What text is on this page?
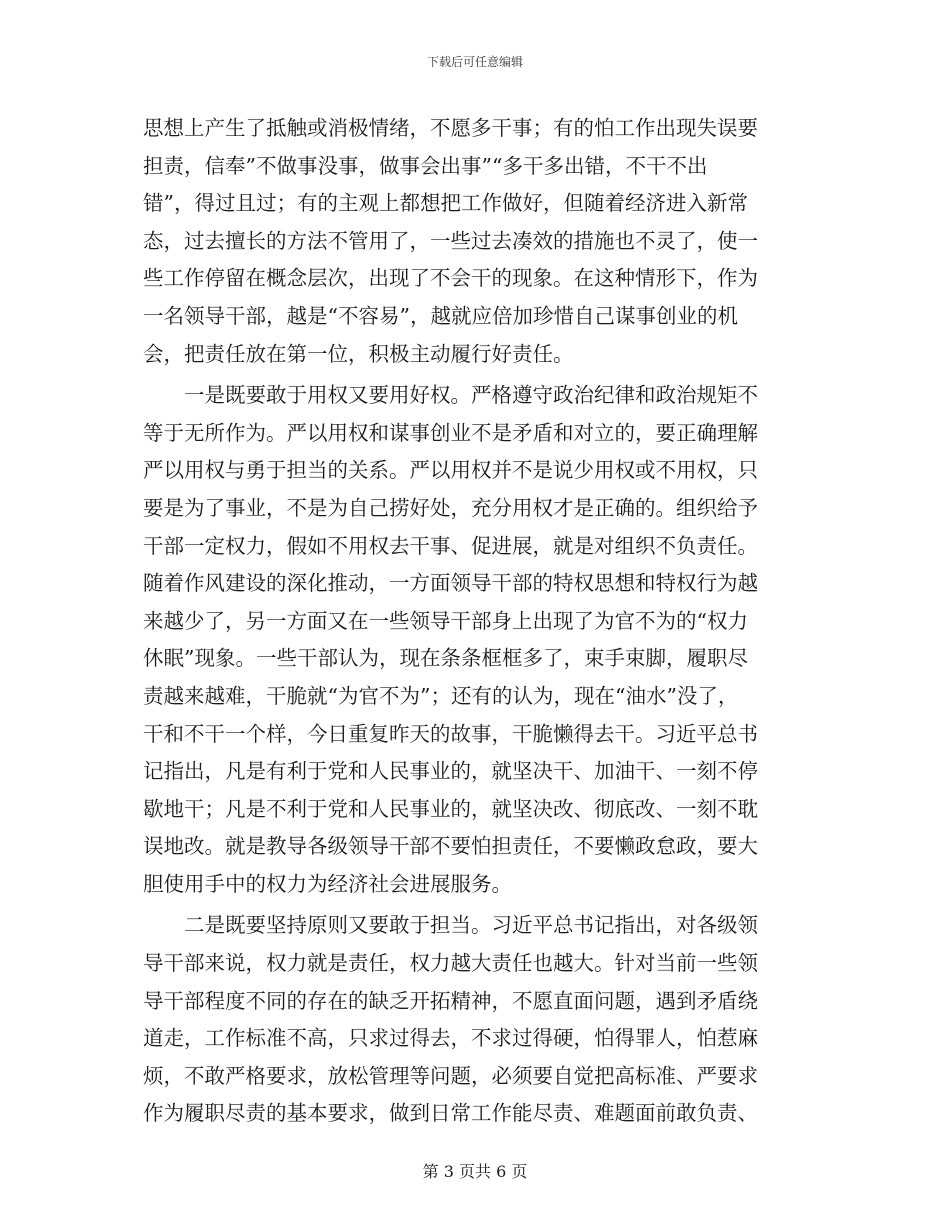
下载后可任意编辑
思想上产生了抵触或消极情绪，不愿多干事；有的怕工作出现失误要
担责，信奉”不做事没事，做事会出事”“多干多出错，不干不出
错”，得过且过；有的主观上都想把工作做好，但随着经济进入新常
态，过去擅长的方法不管用了，一些过去凑效的措施也不灵了，使一
些工作停留在概念层次，出现了不会干的现象。在这种情形下，作为
一名领导干部，越是“不容易”，越就应倍加珍惜自己谋事创业的机
会，把责任放在第一位，积极主动履行好责任。
　　一是既要敢于用权又要用好权。严格遵守政治纪律和政治规矩不
等于无所作为。严以用权和谋事创业不是矛盾和对立的，要正确理解
严以用权与勇于担当的关系。严以用权并不是说少用权或不用权，只
要是为了事业，不是为自己捞好处，充分用权才是正确的。组织给予
干部一定权力，假如不用权去干事、促进展，就是对组织不负责任。
随着作风建设的深化推动，一方面领导干部的特权思想和特权行为越
来越少了，另一方面又在一些领导干部身上出现了为官不为的“权力
休眠”现象。一些干部认为，现在条条框框多了，束手束脚，履职尽
责越来越难，干脆就“为官不为”；还有的认为，现在“油水”没了，
干和不干一个样，今日重复昨天的故事，干脆懒得去干。习近平总书
记指出，凡是有利于党和人民事业的，就坚决干、加油干、一刻不停
歇地干；凡是不利于党和人民事业的，就坚决改、彻底改、一刻不耽
误地改。就是教导各级领导干部不要怕担责任，不要懒政怠政，要大
胆使用手中的权力为经济社会进展服务。
　　二是既要坚持原则又要敢于担当。习近平总书记指出，对各级领
导干部来说，权力就是责任，权力越大责任也越大。针对当前一些领
导干部程度不同的存在的缺乏开拓精神，不愿直面问题，遇到矛盾绕
道走，工作标准不高，只求过得去，不求过得硬，怕得罪人，怕惹麻
烦，不敢严格要求，放松管理等问题，必须要自觉把高标准、严要求
作为履职尽责的基本要求，做到日常工作能尽责、难题面前敢负责、
第 3 页共 6 页
